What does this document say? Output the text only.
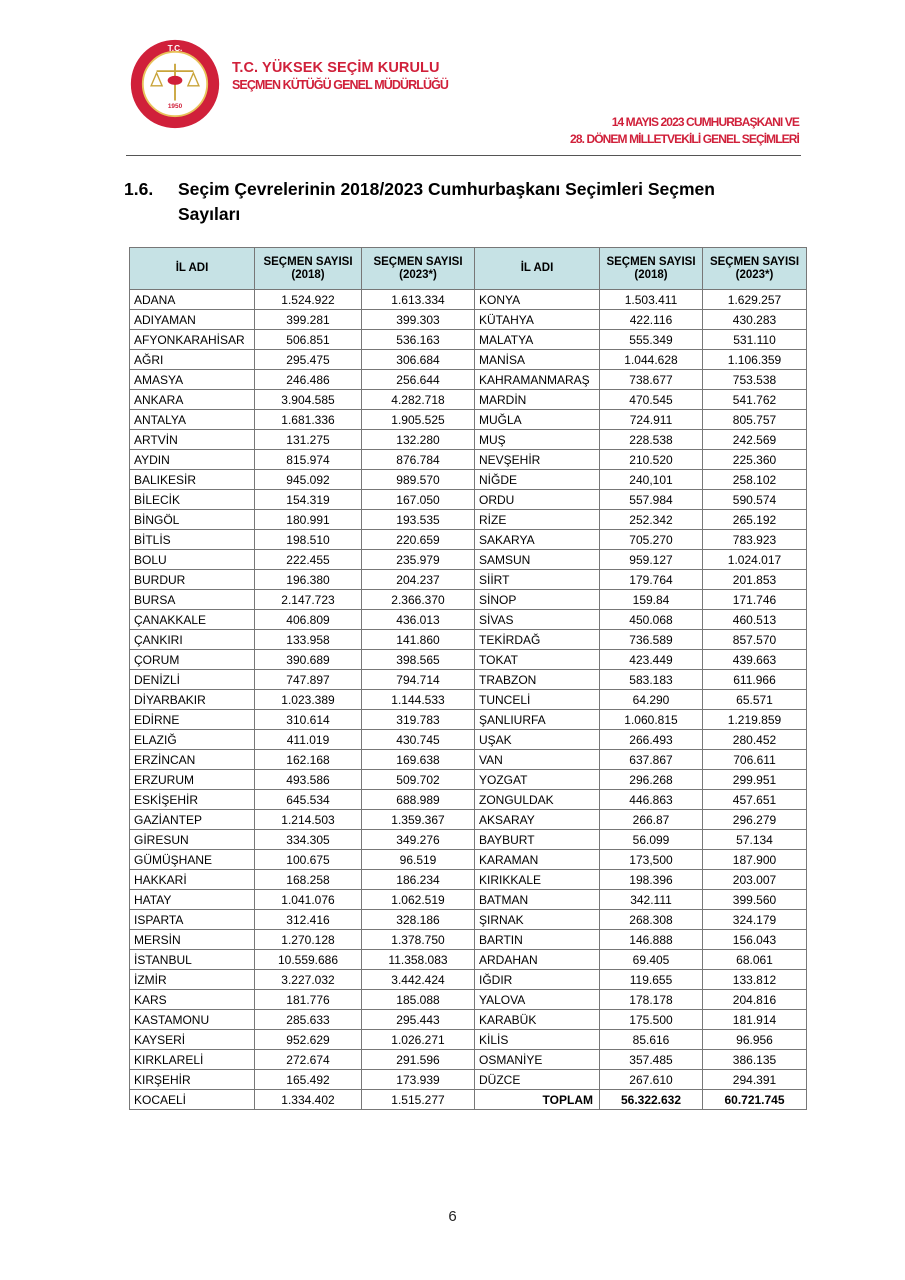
T.C.
1950
T.C. YÜKSEK SEÇİM KURULU
SEÇMEN KÜTÜĞÜ GENEL MÜDÜRLÜĞÜ
14 MAYIS 2023 CUMHURBAŞKANI VE
28. DÖNEM MİLLETVEKİLİ GENEL SEÇİMLERİ
1.6. Seçim Çevrelerinin 2018/2023 Cumhurbaşkanı Seçimleri Seçmen Sayıları
İL ADI	SEÇMEN SAYISI (2018)	SEÇMEN SAYISI (2023*)	İL ADI	SEÇMEN SAYISI (2018)	SEÇMEN SAYISI (2023*)
ADANA	1.524.922	1.613.334	KONYA	1.503.411	1.629.257
ADIYAMAN	399.281	399.303	KÜTAHYA	422.116	430.283
AFYONKARAHİSAR	506.851	536.163	MALATYA	555.349	531.110
AĞRI	295.475	306.684	MANİSA	1.044.628	1.106.359
AMASYA	246.486	256.644	KAHRAMANMARAŞ	738.677	753.538
ANKARA	3.904.585	4.282.718	MARDİN	470.545	541.762
ANTALYA	1.681.336	1.905.525	MUĞLA	724.911	805.757
ARTVİN	131.275	132.280	MUŞ	228.538	242.569
AYDIN	815.974	876.784	NEVŞEHİR	210.520	225.360
BALIKESİR	945.092	989.570	NİĞDE	240,101	258.102
BİLECİK	154.319	167.050	ORDU	557.984	590.574
BİNGÖL	180.991	193.535	RİZE	252.342	265.192
BİTLİS	198.510	220.659	SAKARYA	705.270	783.923
BOLU	222.455	235.979	SAMSUN	959.127	1.024.017
BURDUR	196.380	204.237	SİİRT	179.764	201.853
BURSA	2.147.723	2.366.370	SİNOP	159.84	171.746
ÇANAKKALE	406.809	436.013	SİVAS	450.068	460.513
ÇANKIRI	133.958	141.860	TEKİRDAĞ	736.589	857.570
ÇORUM	390.689	398.565	TOKAT	423.449	439.663
DENİZLİ	747.897	794.714	TRABZON	583.183	611.966
DİYARBAKIR	1.023.389	1.144.533	TUNCELİ	64.290	65.571
EDİRNE	310.614	319.783	ŞANLIURFA	1.060.815	1.219.859
ELAZIĞ	411.019	430.745	UŞAK	266.493	280.452
ERZİNCAN	162.168	169.638	VAN	637.867	706.611
ERZURUM	493.586	509.702	YOZGAT	296.268	299.951
ESKİŞEHİR	645.534	688.989	ZONGULDAK	446.863	457.651
GAZİANTEP	1.214.503	1.359.367	AKSARAY	266.87	296.279
GİRESUN	334.305	349.276	BAYBURT	56.099	57.134
GÜMÜŞHANE	100.675	96.519	KARAMAN	173,500	187.900
HAKKARİ	168.258	186.234	KIRIKKALE	198.396	203.007
HATAY	1.041.076	1.062.519	BATMAN	342.111	399.560
ISPARTA	312.416	328.186	ŞIRNAK	268.308	324.179
MERSİN	1.270.128	1.378.750	BARTIN	146.888	156.043
İSTANBUL	10.559.686	11.358.083	ARDAHAN	69.405	68.061
İZMİR	3.227.032	3.442.424	IĞDIR	119.655	133.812
KARS	181.776	185.088	YALOVA	178.178	204.816
KASTAMONU	285.633	295.443	KARABÜK	175.500	181.914
KAYSERİ	952.629	1.026.271	KİLİS	85.616	96.956
KIRKLARELİ	272.674	291.596	OSMANİYE	357.485	386.135
KIRŞEHİR	165.492	173.939	DÜZCE	267.610	294.391
KOCAELİ	1.334.402	1.515.277	TOPLAM	56.322.632	60.721.745
6
